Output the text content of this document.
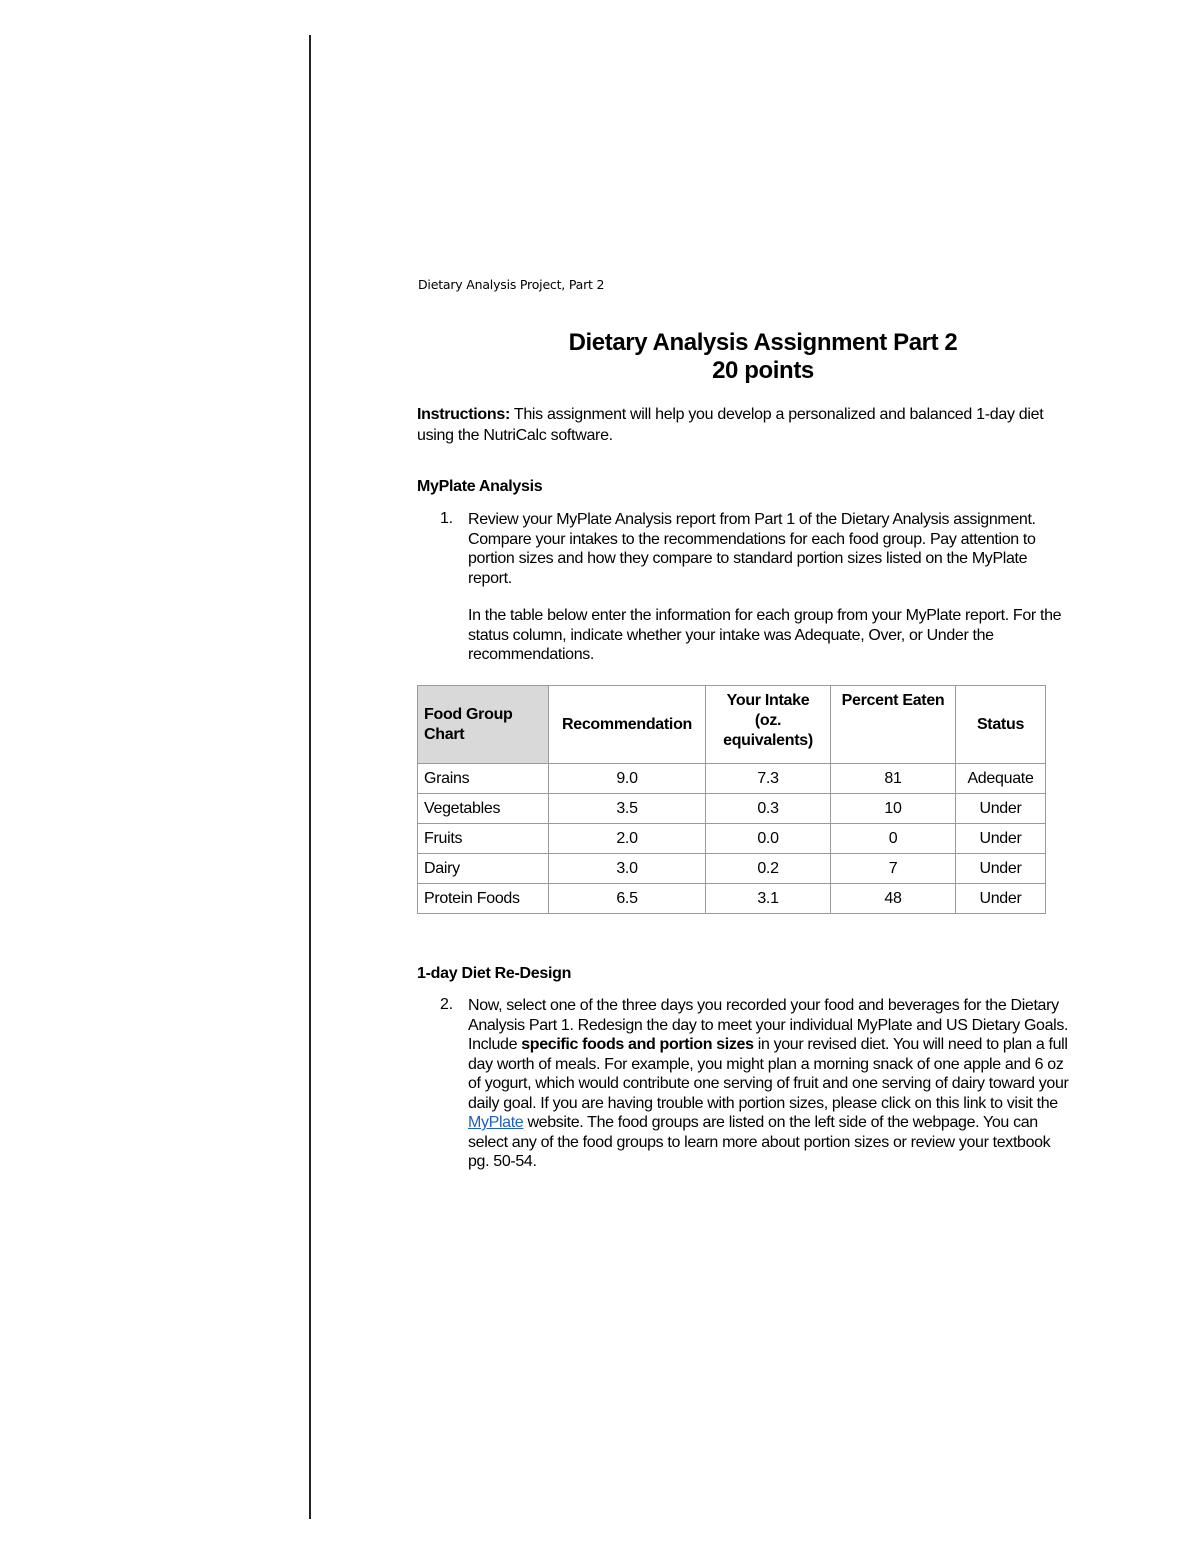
Dietary Analysis Project, Part 2
Dietary Analysis Assignment Part 2
20 points
Instructions: This assignment will help you develop a personalized and balanced 1-day diet using the NutriCalc software.
MyPlate Analysis
1. Review your MyPlate Analysis report from Part 1 of the Dietary Analysis assignment. Compare your intakes to the recommendations for each food group. Pay attention to portion sizes and how they compare to standard portion sizes listed on the MyPlate report.
In the table below enter the information for each group from your MyPlate report. For the status column, indicate whether your intake was Adequate, Over, or Under the recommendations.
Food Group Chart	Recommendation	Your Intake (oz. equivalents)	Percent Eaten	Status
Grains	9.0	7.3	81	Adequate
Vegetables	3.5	0.3	10	Under
Fruits	2.0	0.0	0	Under
Dairy	3.0	0.2	7	Under
Protein Foods	6.5	3.1	48	Under
1-day Diet Re-Design
2. Now, select one of the three days you recorded your food and beverages for the Dietary Analysis Part 1. Redesign the day to meet your individual MyPlate and US Dietary Goals. Include specific foods and portion sizes in your revised diet. You will need to plan a full day worth of meals. For example, you might plan a morning snack of one apple and 6 oz of yogurt, which would contribute one serving of fruit and one serving of dairy toward your daily goal. If you are having trouble with portion sizes, please click on this link to visit the MyPlate website. The food groups are listed on the left side of the webpage. You can select any of the food groups to learn more about portion sizes or review your textbook pg. 50-54.
